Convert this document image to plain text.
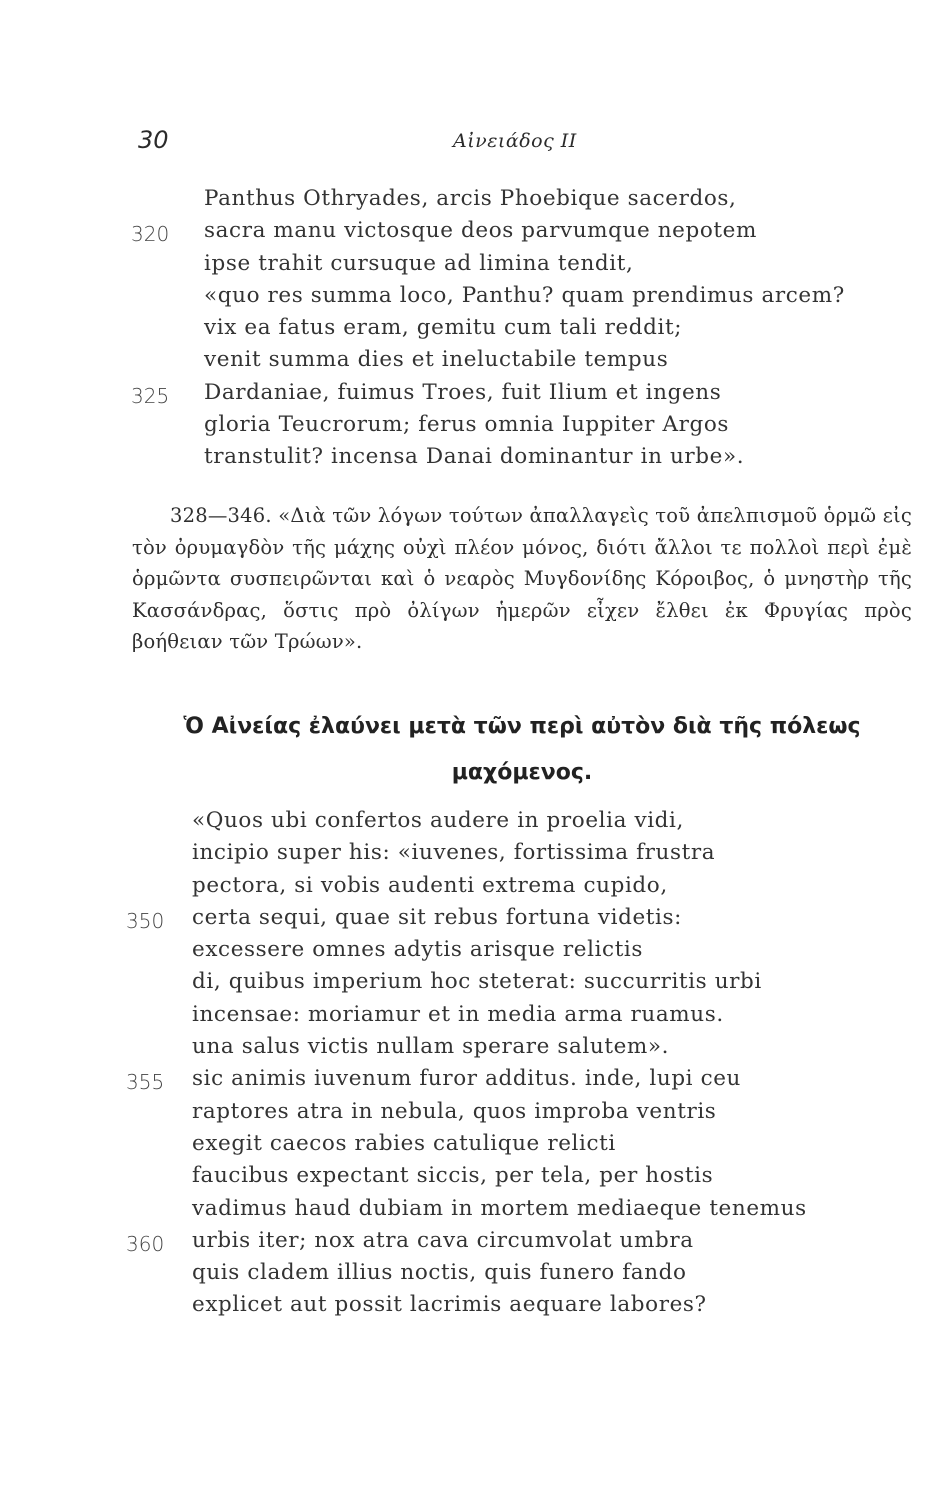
30	Αἰνειάδος ΙΙ
Panthus Othryades, arcis Phoebique sacerdos,
320 sacra manu victosque deos parvumque nepotem
ipse trahit cursuque ad limina tendit,
«quo res summa loco, Panthu? quam prendimus arcem?
vix ea fatus eram, gemitu cum tali reddit;
venit summa dies et ineluctabile tempus
325 Dardaniae, fuimus Troes, fuit Ilium et ingens
gloria Teucrorum; ferus omnia Iuppiter Argos
transtulit? incensa Danai dominantur in urbe».
328—346. «Διὰ τῶν λόγων τούτων ἀπαλλαγεὶς τοῦ ἀπελπισμοῦ ὁρμῶ εἰς τὸν ὀρυμαγδὸν τῆς μάχης οὐχὶ πλέον μόνος, διότι ἄλλοι τε πολλοὶ περὶ ἐμὲ ὁρμῶντα συσπειρῶνται καὶ ὁ νεαρὸς Μυγδονίδης Κόροιβος, ὁ μνηστὴρ τῆς Κασσάνδρας, ὅστις πρὸ ὀλίγων ἡμερῶν εἶχεν ἔλθει ἐκ Φρυγίας πρὸς βοήθειαν τῶν Τρώων».
Ὁ Αἰνείας ἐλαύνει μετὰ τῶν περὶ αὐτὸν διὰ τῆς πόλεως
μαχόμενος.
«Quos ubi confertos audere in proelia vidi,
incipio super his: «iuvenes, fortissima frustra
pectora, si vobis audenti extrema cupido,
350 certa sequi, quae sit rebus fortuna videtis:
excessere omnes adytis arisque relictis
di, quibus imperium hoc steterat: succurritis urbi
incensae: moriamur et in media arma ruamus.
una salus victis nullam sperare salutem».
355 sic animis iuvenum furor additus. inde, lupi ceu
raptores atra in nebula, quos improba ventris
exegit caecos rabies catulique relicti
faucibus expectant siccis, per tela, per hostis
vadimus haud dubiam in mortem mediaeque tenemus
360 urbis iter; nox atra cava circumvolat umbra
quis cladem illius noctis, quis funero fando
explicet aut possit lacrimis aequare labores?
